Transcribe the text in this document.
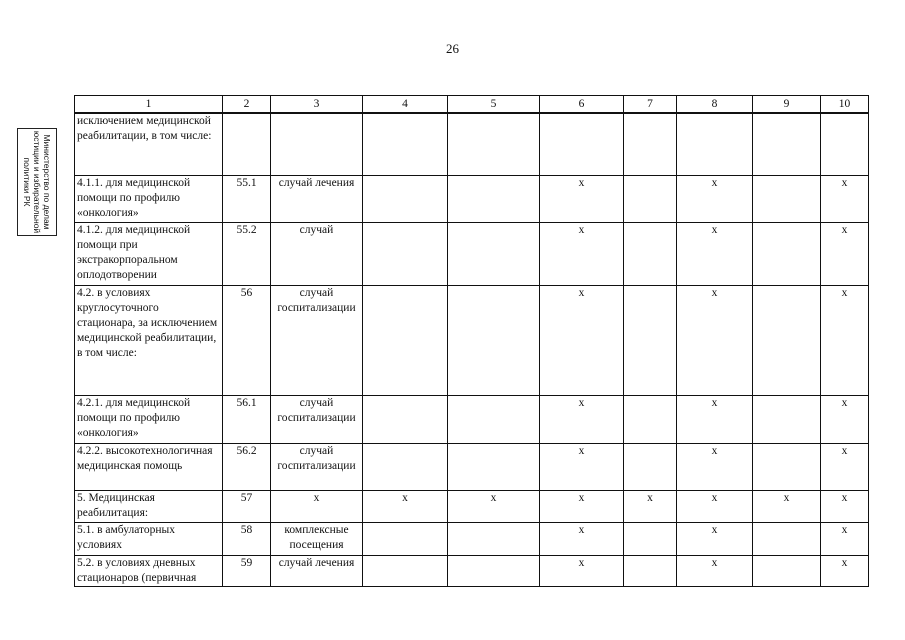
26
Министерство по делам
юстиции и избирательной
политики РК
1	2	3	4	5	6	7	8	9	10
исключением медицинской реабилитации, в том числе:									
4.1.1. для медицинской помощи по профилю «онкология»	55.1	случай лечения			x		x		x
4.1.2. для медицинской помощи при экстракорпоральном оплодотворении	55.2	случай			x		x		x
4.2. в условиях круглосуточного стационара, за исключением медицинской реабилитации, в том числе:	56	случай госпитализации			x		x		x
4.2.1. для медицинской помощи по профилю «онкология»	56.1	случай госпитализации			x		x		x
4.2.2. высокотехнологичная медицинская помощь	56.2	случай госпитализации			x		x		x
5. Медицинская реабилитация:	57	x	x	x	x	x	x	x	x
5.1. в амбулаторных условиях	58	комплексные посещения			x		x		x
5.2. в условиях дневных стационаров (первичная	59	случай лечения			x		x		x
